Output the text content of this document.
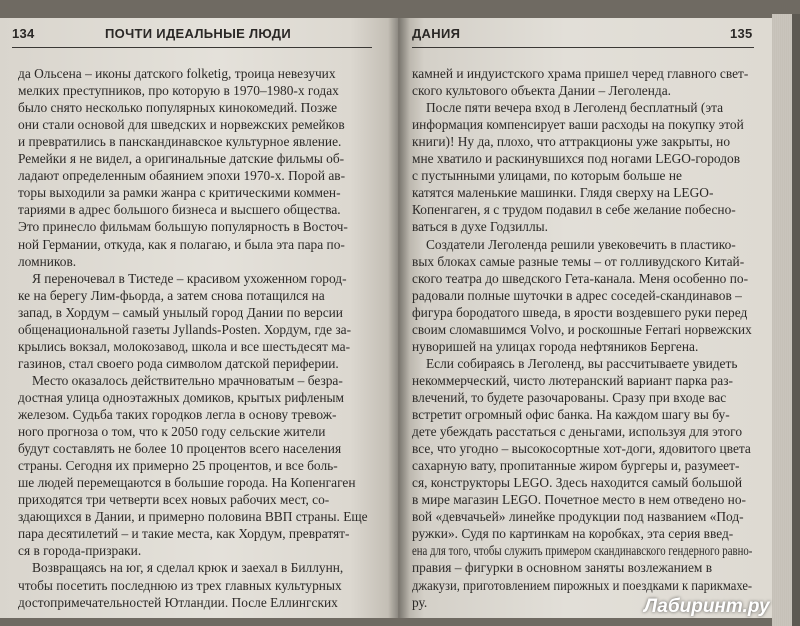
134	ПОЧТИ ИДЕАЛЬНЫЕ ЛЮДИ	ДАНИЯ	135
да Ольсена – иконы датского folketig, троица невезучих
мелких преступников, про которую в 1970–1980-х годах
было снято несколько популярных кинокомедий. Позже
они стали основой для шведских и норвежских ремейков
и превратились в панскандинавское культурное явление.
Ремейки я не видел, а оригинальные датские фильмы об-
ладают определенным обаянием эпохи 1970-х. Порой ав-
торы выходили за рамки жанра с критическими коммен-
тариями в адрес большого бизнеса и высшего общества.
Это принесло фильмам большую популярность в Восточ-
ной Германии, откуда, как я полагаю, и была эта пара по-
ломников.
Я переночевал в Тистеде – красивом ухоженном город-
ке на берегу Лим-фьорда, а затем снова потащился на
запад, в Хордум – самый унылый город Дании по версии
общенациональной газеты Jyllands-Posten. Хордум, где за-
крылись вокзал, молокозавод, школа и все шестьдесят ма-
газинов, стал своего рода символом датской периферии.
Место оказалось действительно мрачноватым – безра-
достная улица одноэтажных домиков, крытых рифленым
железом. Судьба таких городков легла в основу тревож-
ного прогноза о том, что к 2050 году сельские жители
будут составлять не более 10 процентов всего населения
страны. Сегодня их примерно 25 процентов, и все боль-
ше людей перемещаются в большие города. На Копенгаген
приходятся три четверти всех новых рабочих мест, со-
здающихся в Дании, и примерно половина ВВП страны. Еще
пара десятилетий – и такие места, как Хордум, превратят-
ся в города-призраки.
Возвращаясь на юг, я сделал крюк и заехал в Биллунн,
чтобы посетить последнюю из трех главных культурных
достопримечательностей Ютландии. После Еллингских
камней и индуистского храма пришел черед главного свет-
ского культового объекта Дании – Леголенда.
После пяти вечера вход в Леголенд бесплатный (эта
информация компенсирует ваши расходы на покупку этой
книги)! Ну да, плохо, что аттракционы уже закрыты, но
мне хватило и раскинувшихся под ногами LEGO-городов
с пустынными улицами, по которым больше не
катятся маленькие машинки. Глядя сверху на LEGO-
Копенгаген, я с трудом подавил в себе желание побесно-
ваться в духе Годзиллы.
Создатели Леголенда решили увековечить в пластико-
вых блоках самые разные темы – от голливудского Китай-
ского театра до шведского Гета-канала. Меня особенно по-
радовали полные шуточки в адрес соседей-скандинавов –
фигура бородатого шведа, в ярости воздевшего руки перед
своим сломавшимся Volvo, и роскошные Ferrari норвежских
нуворишей на улицах города нефтяников Бергена.
Если собираясь в Леголенд, вы рассчитываете увидеть
некоммерческий, чисто лютеранский вариант парка раз-
влечений, то будете разочарованы. Сразу при входе вас
встретит огромный офис банка. На каждом шагу вы бу-
дете убеждать расстаться с деньгами, используя для этого
все, что угодно – высокосортные хот-доги, ядовитого цвета
сахарную вату, пропитанные жиром бургеры и, разумеет-
ся, конструкторы LEGO. Здесь находится самый большой
в мире магазин LEGO. Почетное место в нем отведено но-
вой «девчачьей» линейке продукции под названием «Под-
ружки». Судя по картинкам на коробках, эта серия введ-
ена для того, чтобы служить примером скандинавского гендерного равно-
правия – фигурки в основном заняты возлежанием в
джакузи, приготовлением пирожных и поездками к парикмахе-
ру.	Лабиринт.ру
